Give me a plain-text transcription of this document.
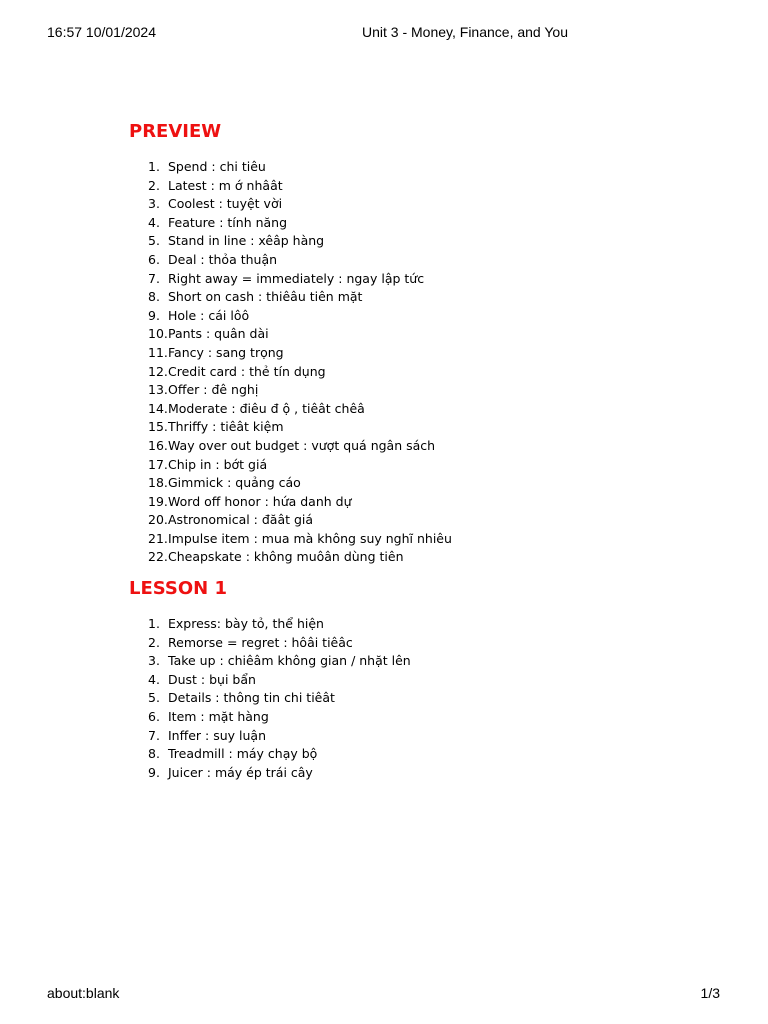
16:57 10/01/2024	Unit 3 - Money, Finance, and You
PREVIEW
1. Spend : chi tiêu
2. Latest : m ớ nhâât
3. Coolest : tuyệt vời
4. Feature : tính năng
5. Stand in line : xêâp hàng
6. Deal : thỏa thuận
7. Right away = immediately : ngay lập tức
8. Short on cash : thiêâu tiên mặt
9. Hole : cái lôô
10. Pants : quân dài
11. Fancy : sang trọng
12. Credit card : thẻ tín dụng
13. Offer : đê nghị
14. Moderate : điêu đ ộ , tiêât chêâ
15. Thriffy : tiêât kiệm
16. Way over out budget : vượt quá ngân sách
17. Chip in : bớt giá
18. Gimmick : quảng cáo
19. Word off honor : hứa danh dự
20. Astronomical : đăât giá
21. Impulse item : mua mà không suy nghĩ nhiêu
22. Cheapskate : không muôân dùng tiên
LESSON 1
1. Express: bày tỏ, thể hiện
2. Remorse = regret : hôâi tiêâc
3. Take up : chiêâm không gian / nhặt lên
4. Dust : bụi bẩn
5. Details : thông tin chi tiêât
6. Item : mặt hàng
7. Inffer : suy luận
8. Treadmill : máy chạy bộ
9. Juicer : máy ép trái cây
about:blank	1/3
